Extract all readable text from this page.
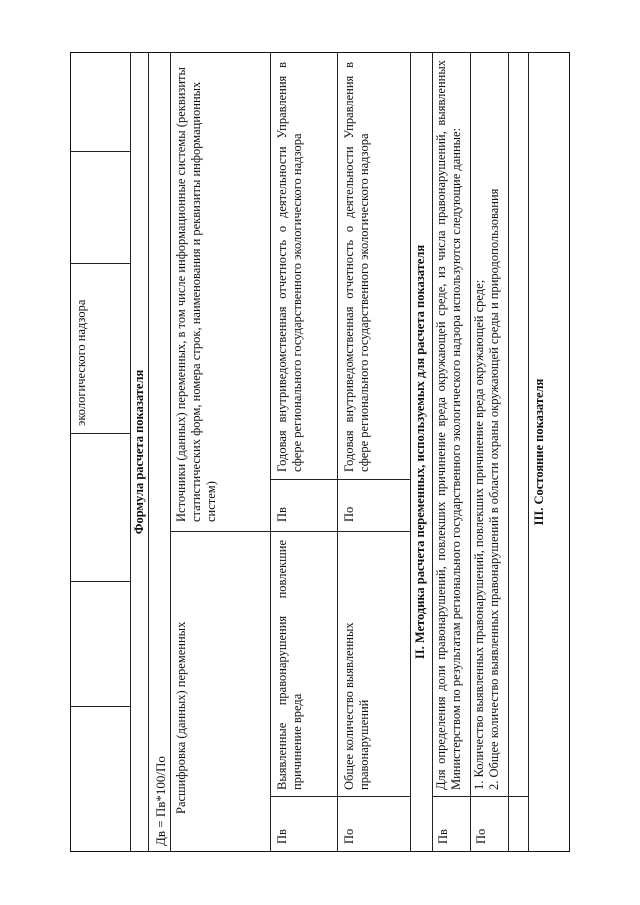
экологического надзора
Формула расчета показателя
Дв = Пв*100/По Расшифровка (данных) переменных
Источники (данных) переменных, в том числе информационные системы (реквизиты статистических форм, номера строк, наименования и реквизиты информационных систем)
Пв
Выявленные правонарушения повлекшие причинение вреда
Пв
Годовая внутриведомственная отчетность о деятельности Управления в сфере регионального государственного экологического надзора
По
Общее количество выявленных правонарушений
По
Годовая внутриведомственная отчетность о деятельности Управления в сфере регионального государственного экологического надзора	II. Методика расчета переменных, используемых для расчета показателя
Пв
Для определения доли правонарушений, повлекших причинение вреда окружающей среде, из числа правонарушений, выявленных Министерством по результатам регионального государственного экологического надзора используются следующие данные:
По
1. Количество выявленных правонарушений, повлекших причинение вреда окружающей среде; 2. Общее количество выявленных правонарушений в области охраны окружающей среды и природопользования III. Состояние показателя
